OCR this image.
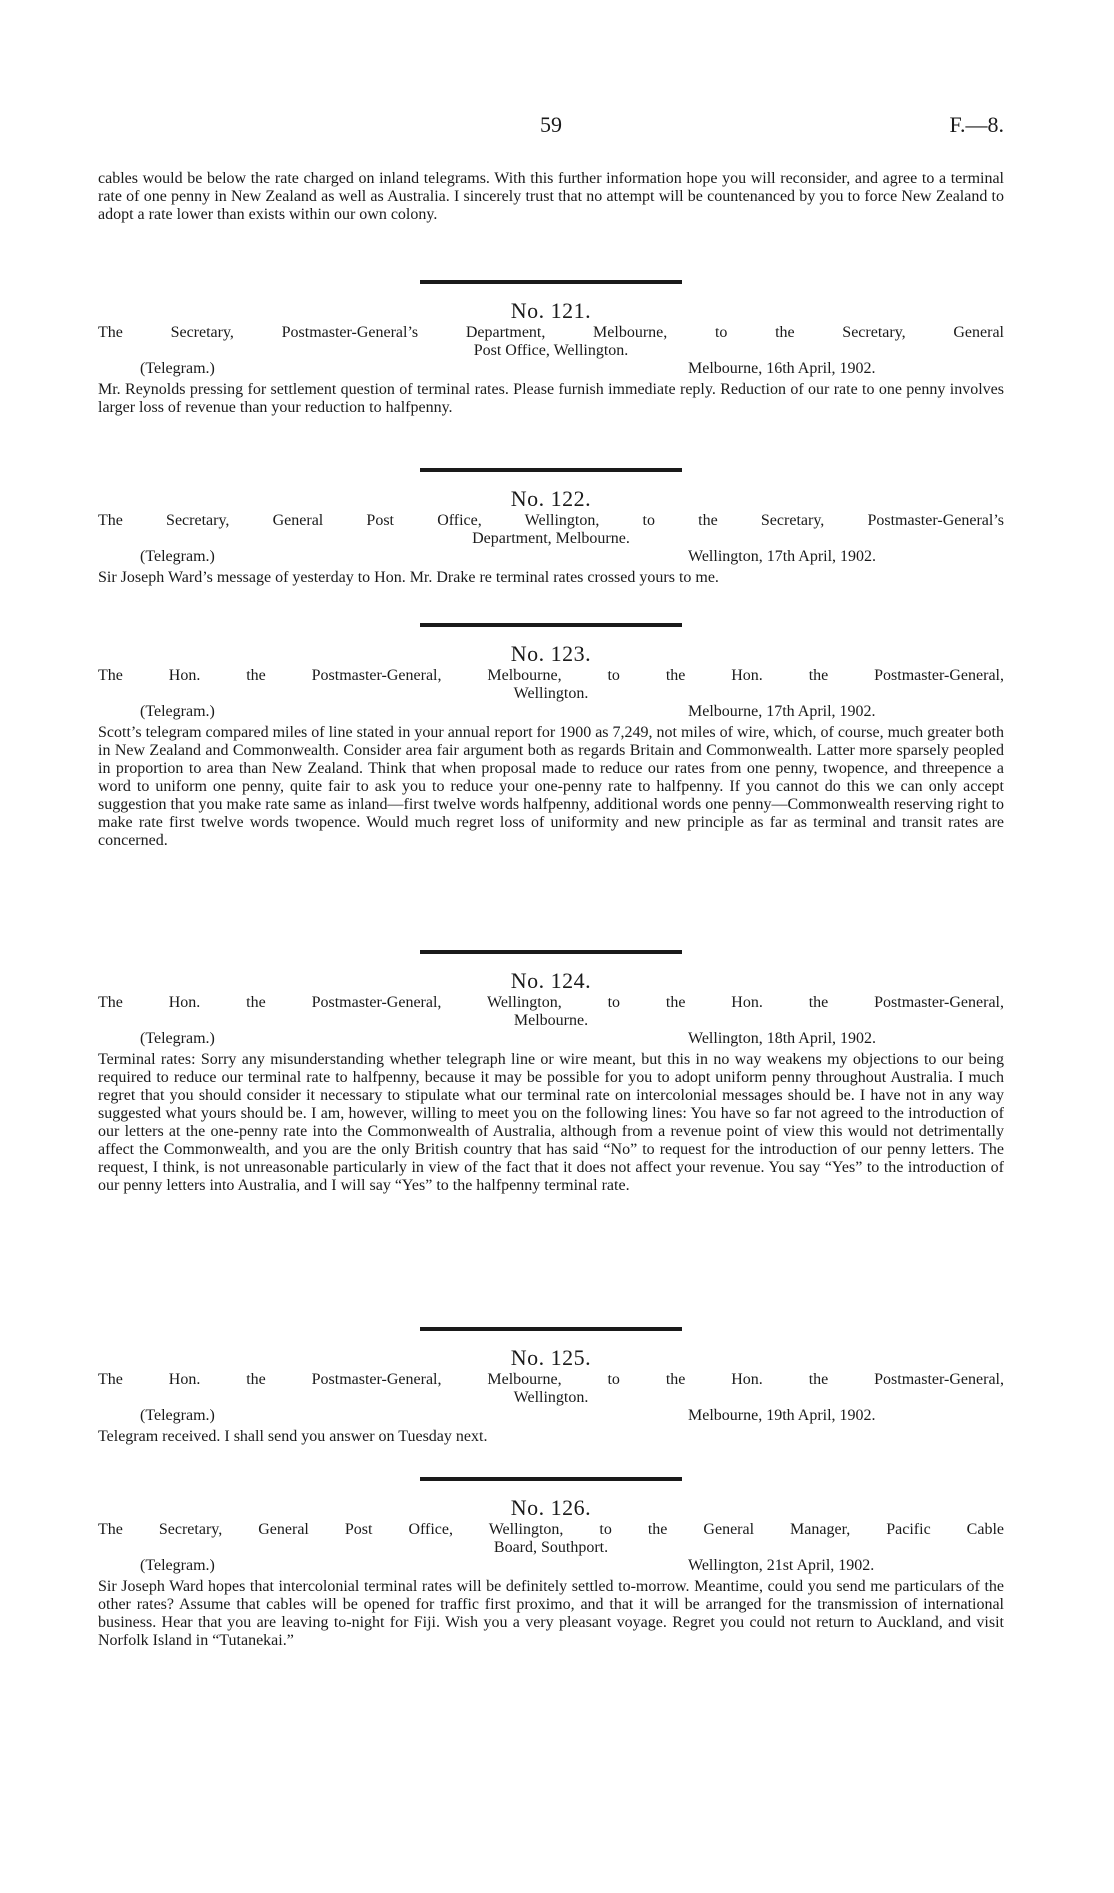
59	F.—8.

cables would be below the rate charged on inland telegrams. With this further information hope you will reconsider, and agree to a terminal rate of one penny in New Zealand as well as Australia. I sincerely trust that no attempt will be countenanced by you to force New Zealand to adopt a rate lower than exists within our own colony.

No. 121.

The Secretary, Postmaster-General’s Department, Melbourne, to the Secretary, General

Post Office, Wellington.

(Telegram.)	Melbourne, 16th April, 1902.

Mr. Reynolds pressing for settlement question of terminal rates. Please furnish immediate reply. Reduction of our rate to one penny involves larger loss of revenue than your reduction to halfpenny.

No. 122.

The Secretary, General Post Office, Wellington, to the Secretary, Postmaster-General’s

Department, Melbourne.

(Telegram.)	Wellington, 17th April, 1902.

Sir Joseph Ward’s message of yesterday to Hon. Mr. Drake re terminal rates crossed yours to me.

No. 123.

The Hon. the Postmaster-General, Melbourne, to the Hon. the Postmaster-General,

Wellington.

(Telegram.)	Melbourne, 17th April, 1902.

Scott’s telegram compared miles of line stated in your annual report for 1900 as 7,249, not miles of wire, which, of course, much greater both in New Zealand and Commonwealth. Consider area fair argument both as regards Britain and Commonwealth. Latter more sparsely peopled in proportion to area than New Zealand. Think that when proposal made to reduce our rates from one penny, twopence, and threepence a word to uniform one penny, quite fair to ask you to reduce your one-penny rate to halfpenny. If you cannot do this we can only accept suggestion that you make rate same as inland—first twelve words halfpenny, additional words one penny—Commonwealth reserving right to make rate first twelve words twopence. Would much regret loss of uniformity and new principle as far as terminal and transit rates are concerned.

No. 124.

The Hon. the Postmaster-General, Wellington, to the Hon. the Postmaster-General,

Melbourne.

(Telegram.)	Wellington, 18th April, 1902.

Terminal rates: Sorry any misunderstanding whether telegraph line or wire meant, but this in no way weakens my objections to our being required to reduce our terminal rate to halfpenny, because it may be possible for you to adopt uniform penny throughout Australia. I much regret that you should consider it necessary to stipulate what our terminal rate on intercolonial messages should be. I have not in any way suggested what yours should be. I am, however, willing to meet you on the following lines: You have so far not agreed to the introduction of our letters at the one-penny rate into the Commonwealth of Australia, although from a revenue point of view this would not detrimentally affect the Commonwealth, and you are the only British country that has said “No” to request for the introduction of our penny letters. The request, I think, is not unreasonable particularly in view of the fact that it does not affect your revenue. You say “Yes” to the introduction of our penny letters into Australia, and I will say “Yes” to the halfpenny terminal rate.

No. 125.

The Hon. the Postmaster-General, Melbourne, to the Hon. the Postmaster-General,

Wellington.

(Telegram.)	Melbourne, 19th April, 1902.

Telegram received. I shall send you answer on Tuesday next.

No. 126.

The Secretary, General Post Office, Wellington, to the General Manager, Pacific Cable

Board, Southport.

(Telegram.)	Wellington, 21st April, 1902.

Sir Joseph Ward hopes that intercolonial terminal rates will be definitely settled to-morrow. Meantime, could you send me particulars of the other rates? Assume that cables will be opened for traffic first proximo, and that it will be arranged for the transmission of international business. Hear that you are leaving to-night for Fiji. Wish you a very pleasant voyage. Regret you could not return to Auckland, and visit Norfolk Island in “Tutanekai.”
